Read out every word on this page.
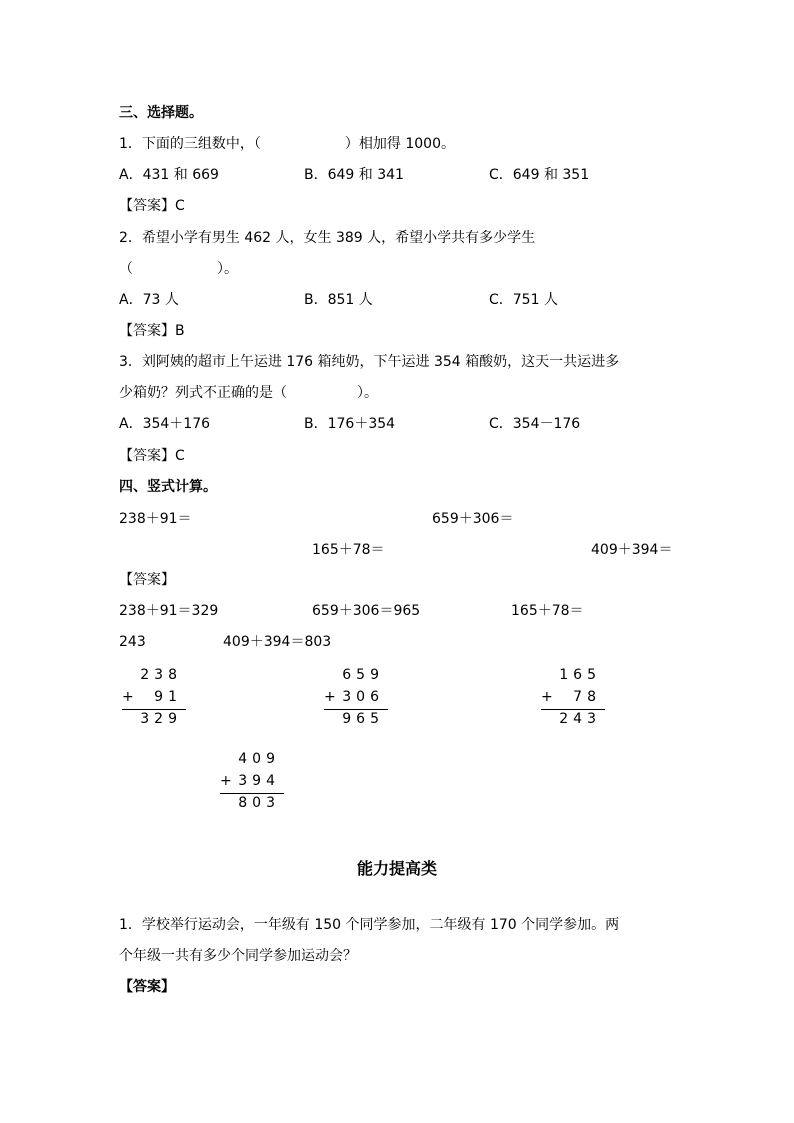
三、选择题。
1．下面的三组数中，（　　　　　　）相加得 1000。
A．431 和 669	B．649 和 341	C．649 和 351
【答案】C
2．希望小学有男生 462 人，女生 389 人，希望小学共有多少学生
（　　　　　　）。
A．73 人	B．851 人	C．751 人
【答案】B
3．刘阿姨的超市上午运进 176 箱纯奶，下午运进 354 箱酸奶，这天一共运进多
少箱奶？列式不正确的是（　　　　　）。
A．354＋176	B．176＋354	C．354－176
【答案】C
四、竖式计算。
238＋91＝	659＋306＝
165＋78＝	409＋394＝
【答案】
238＋91＝329	659＋306＝965	165＋78＝
243	409＋394＝803
238
+ 91
329
659
+ 306
965
165
+ 78
243
409
+ 394
803
能力提高类
1．学校举行运动会，一年级有 150 个同学参加，二年级有 170 个同学参加。两
个年级一共有多少个同学参加运动会？
【答案】
